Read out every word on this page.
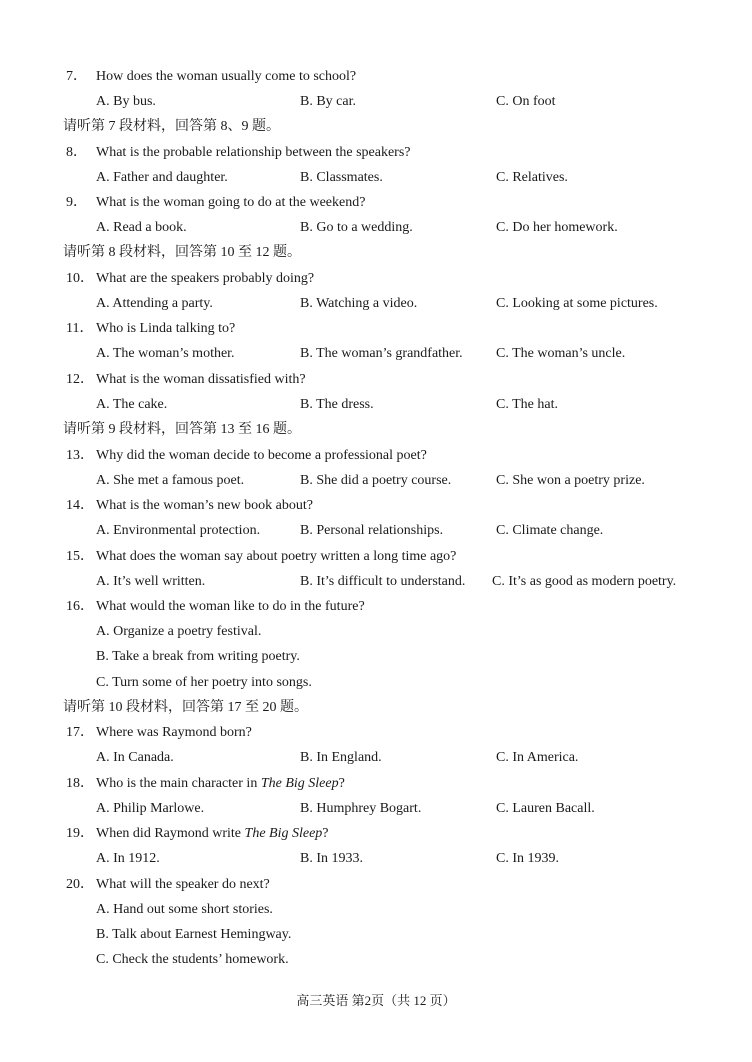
7． How does the woman usually come to school?
A. By bus.	B. By car.	C. On foot
请听第 7 段材料，回答第 8、9 题。
8． What is the probable relationship between the speakers?
A. Father and daughter.	B. Classmates.	C. Relatives.
9． What is the woman going to do at the weekend?
A. Read a book.	B. Go to a wedding.	C. Do her homework.
请听第 8 段材料，回答第 10 至 12 题。
10． What are the speakers probably doing?
A. Attending a party.	B. Watching a video.	C. Looking at some pictures.
11． Who is Linda talking to?
A. The woman’s mother.	B. The woman’s grandfather. C. The woman’s uncle.
12． What is the woman dissatisfied with?
A. The cake.	B. The dress.	C. The hat.
请听第 9 段材料，回答第 13 至 16 题。
13． Why did the woman decide to become a professional poet?
A. She met a famous poet.	B. She did a poetry course.	C. She won a poetry prize.
14． What is the woman’s new book about?
A. Environmental protection.	B. Personal relationships.	C. Climate change.
15． What does the woman say about poetry written a long time ago?
A. It’s well written.	B. It’s difficult to understand. C. It’s as good as modern poetry.
16． What would the woman like to do in the future?
A. Organize a poetry festival.
B. Take a break from writing poetry.
C. Turn some of her poetry into songs.
请听第 10 段材料，回答第 17 至 20 题。
17． Where was Raymond born?
A. In Canada.	B. In England.	C. In America.
18． Who is the main character in The Big Sleep?
A. Philip Marlowe.	B. Humphrey Bogart.	C. Lauren Bacall.
19． When did Raymond write The Big Sleep?
A. In 1912.	B. In 1933.	C. In 1939.
20． What will the speaker do next?
A. Hand out some short stories.
B. Talk about Earnest Hemingway.
C. Check the students’ homework.
高三英语 第2页（共 12 页）
